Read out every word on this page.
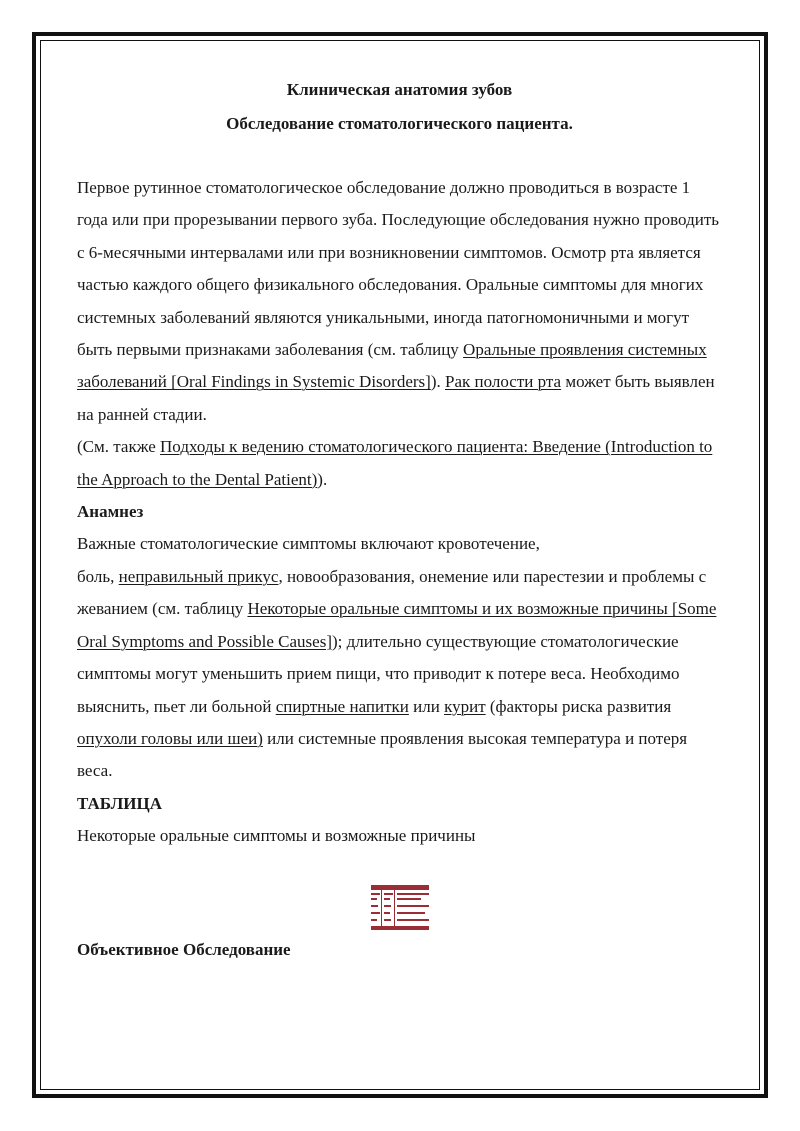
Клиническая анатомия зубов

Обследование стоматологического пациента.

Первое рутинное стоматологическое обследование должно проводиться в возрасте 1 года или при прорезывании первого зуба. Последующие обследования нужно проводить с 6-месячными интервалами или при возникновении симптомов. Осмотр рта является частью каждого общего физикального обследования. Оральные симптомы для многих системных заболеваний являются уникальными, иногда патогномоничными и могут быть первыми признаками заболевания (см. таблицу Оральные проявления системных заболеваний [Oral Findings in Systemic Disorders]). Рак полости рта может быть выявлен на ранней стадии.

(См. также Подходы к ведению стоматологического пациента: Введение (Introduction to the Approach to the Dental Patient)).

Анамнез

Важные стоматологические симптомы включают кровотечение,

боль, неправильный прикус, новообразования, онемение или парестезии и проблемы с жеванием (см. таблицу Некоторые оральные симптомы и их возможные причины [Some Oral Symptoms and Possible Causes]); длительно существующие стоматологические симптомы могут уменьшить прием пищи, что приводит к потере веса. Необходимо выяснить, пьет ли больной спиртные напитки или курит (факторы риска развития опухоли головы или шеи) или системные проявления высокая температура и потеря веса.

ТАБЛИЦА

Некоторые оральные симптомы и возможные причины

Объективное Обследование
